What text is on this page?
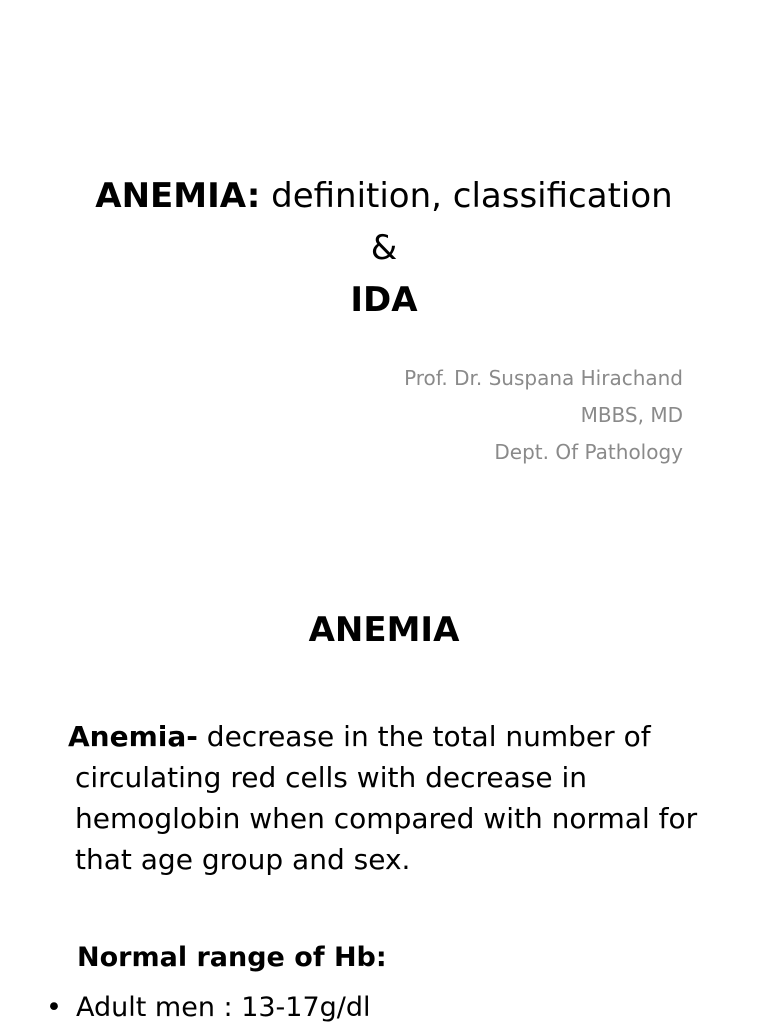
ANEMIA: definition, classification
&
IDA
Prof. Dr. Suspana Hirachand
MBBS, MD
Dept. Of Pathology
ANEMIA
Anemia- decrease in the total number of
circulating red cells with decrease in
hemoglobin when compared with normal for
that age group and sex.
Normal range of Hb:
• Adult men : 13-17g/dl
